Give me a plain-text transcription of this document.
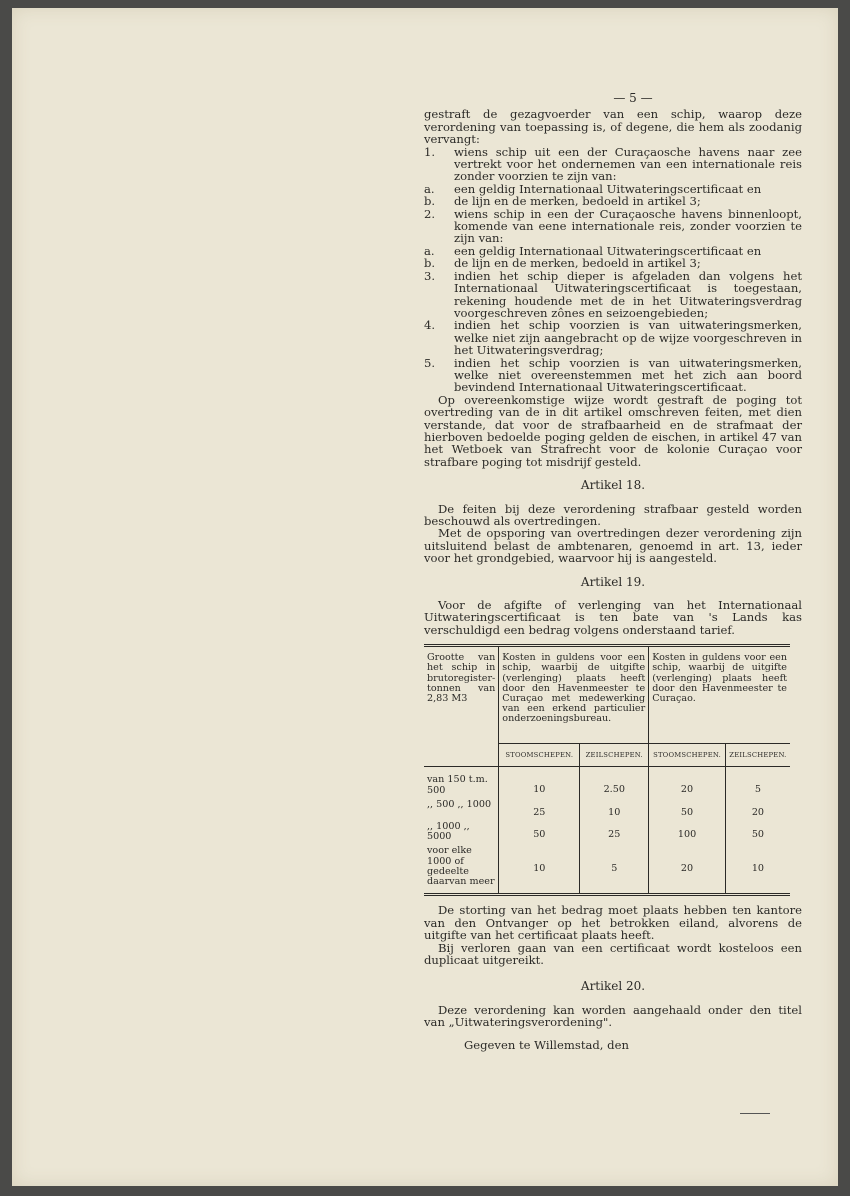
— 5 —

gestraft de gezagvoerder van een schip, waarop deze verordening van toepassing is, of degene, die hem als zoodanig vervangt:

1.	wiens schip uit een der Curaçaosche havens naar zee vertrekt voor het ondernemen van een internationale reis zonder voorzien te zijn van:
a.	een geldig Internationaal Uitwateringscertificaat en
b.	de lijn en de merken, bedoeld in artikel 3;
2.	wiens schip in een der Curaçaosche havens binnenloopt, komende van eene internationale reis, zonder voorzien te zijn van:
a.	een geldig Internationaal Uitwateringscertificaat en
b.	de lijn en de merken, bedoeld in artikel 3;
3.	indien het schip dieper is afgeladen dan volgens het Internationaal Uitwateringscertificaat is toegestaan, rekening houdende met de in het Uitwateringsverdrag voorgeschreven zônes en seizoengebieden;
4.	indien het schip voorzien is van uitwateringsmerken, welke niet zijn aangebracht op de wijze voorgeschreven in het Uitwateringsverdrag;
5.	indien het schip voorzien is van uitwateringsmerken, welke niet overeenstemmen met het zich aan boord bevindend Internationaal Uitwateringscertificaat.

Op overeenkomstige wijze wordt gestraft de poging tot overtreding van de in dit artikel omschreven feiten, met dien verstande, dat voor de strafbaarheid en de strafmaat der hierboven bedoelde poging gelden de eischen, in artikel 47 van het Wetboek van Strafrecht voor de kolonie Curaçao voor strafbare poging tot misdrijf gesteld.

Artikel 18.

De feiten bij deze verordening strafbaar gesteld worden beschouwd als overtredingen.

Met de opsporing van overtredingen dezer verordening zijn uitsluitend belast de ambtenaren, genoemd in art. 13, ieder voor het grondgebied, waarvoor hij is aangesteld.

Artikel 19.

Voor de afgifte of verlenging van het Internationaal Uitwateringscertificaat is ten bate van 's Lands kas verschuldigd een bedrag volgens onderstaand tarief.

Grootte van het schip in brutoregister-tonnen van 2,83 M3	Kosten in guldens voor een schip, waarbij de uitgifte (verlenging) plaats heeft door den Havenmeester te Curaçao met medewerking van een erkend particulier onderzoeningsbureau.		Kosten in guldens voor een schip, waarbij de uitgifte (verlenging) plaats heeft door den Havenmeester te Curaçao.	
	STOOMSCHEPEN.	ZEILSCHEPEN.	STOOMSCHEPEN.	ZEILSCHEPEN.
van 150 t.m. 500	10	2.50	20	5
,, 500 ,, 1000	25	10	50	20
,, 1000 ,, 5000	50	25	100	50
voor elke 1000 of gedeelte daarvan meer	10	5	20	10

De storting van het bedrag moet plaats hebben ten kantore van den Ontvanger op het betrokken eiland, alvorens de uitgifte van het certificaat plaats heeft.

Bij verloren gaan van een certificaat wordt kosteloos een duplicaat uitgereikt.

Artikel 20.

Deze verordening kan worden aangehaald onder den titel van „Uitwateringsverordening".

Gegeven te Willemstad, den
